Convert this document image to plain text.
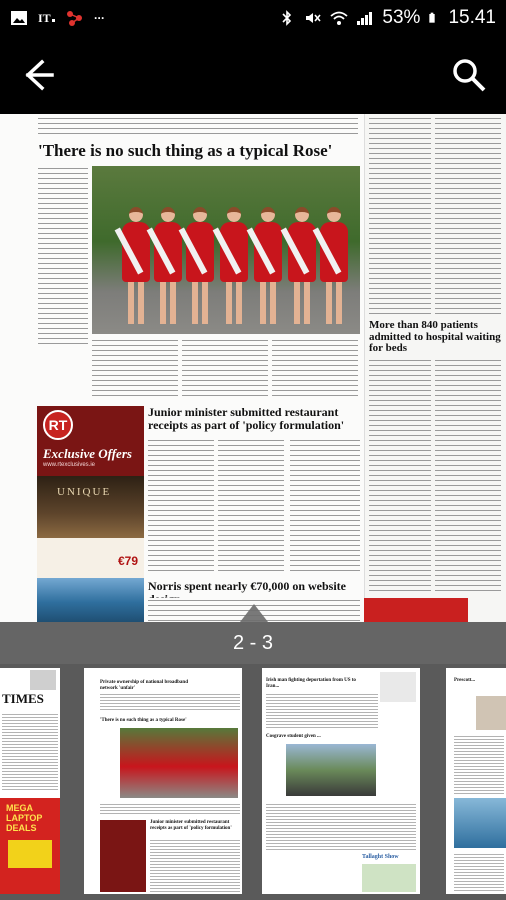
IT	···	53% 15.41
'There is no such thing as a typical Rose'
RT
Exclusive Offers
www.rtexclusives.ie
UNIQUE
€79
Junior minister submitted restaurant receipts as part of 'policy formulation'
Norris spent nearly €70,000 on website
More than 840 patients admitted to hospital waiting for beds
2 - 3
TIMES
MEGA LAPTOP DEALS
Private ownership of national broadband network 'unfair'
'There is no such thing as a typical Rose'
Junior minister submitted restaurant receipts as part of 'policy formulation'
Irish man fighting deportation from US to Iran...
Cosgrave student given ...
Tallaght Show
Prescott...
